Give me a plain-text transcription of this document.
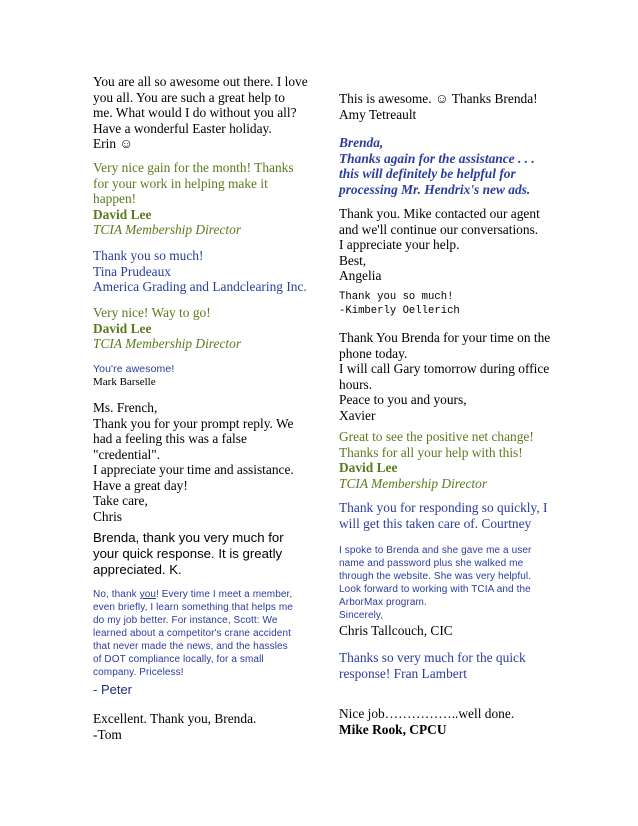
You are all so awesome out there. I love

you all. You are such a great help to

me. What would I do without you all?

Have a wonderful Easter holiday.

Erin ☺

Very nice gain for the month! Thanks

for your work in helping make it

happen!

David Lee

TCIA Membership Director

Thank you so much!

Tina Prudeaux

America Grading and Landclearing Inc.

Very nice! Way to go!

David Lee

TCIA Membership Director

You're awesome!

Mark Barselle

Ms. French,

Thank you for your prompt reply. We

had a feeling this was a false

"credential".

I appreciate your time and assistance.

Have a great day!

Take care,

Chris

Brenda, thank you very much for

your quick response. It is greatly

appreciated. K.

No, thank you! Every time I meet a member,

even briefly, I learn something that helps me

do my job better. For instance, Scott: We

learned about a competitor's crane accident

that never made the news, and the hassles

of DOT compliance locally, for a small

company. Priceless!

- Peter

Excellent. Thank you, Brenda.

-Tom

This is awesome. ☺ Thanks Brenda!

Amy Tetreault

Brenda,

Thanks again for the assistance . . .

this will definitely be helpful for

processing Mr. Hendrix's new ads.

Thank you. Mike contacted our agent

and we'll continue our conversations.

I appreciate your help.

Best,

Angelia

Thank you so much!

-Kimberly Oellerich

Thank You Brenda for your time on the

phone today.

I will call Gary tomorrow during office

hours.

Peace to you and yours,

Xavier

Great to see the positive net change!

Thanks for all your help with this!

David Lee

TCIA Membership Director

Thank you for responding so quickly, I

will get this taken care of. Courtney

I spoke to Brenda and she gave me a user

name and password plus she walked me

through the website. She was very helpful.

Look forward to working with TCIA and the

ArborMax program.

Sincerely,

Chris Tallcouch, CIC

Thanks so very much for the quick

response! Fran Lambert

Nice job……………..well done.

Mike Rook, CPCU
